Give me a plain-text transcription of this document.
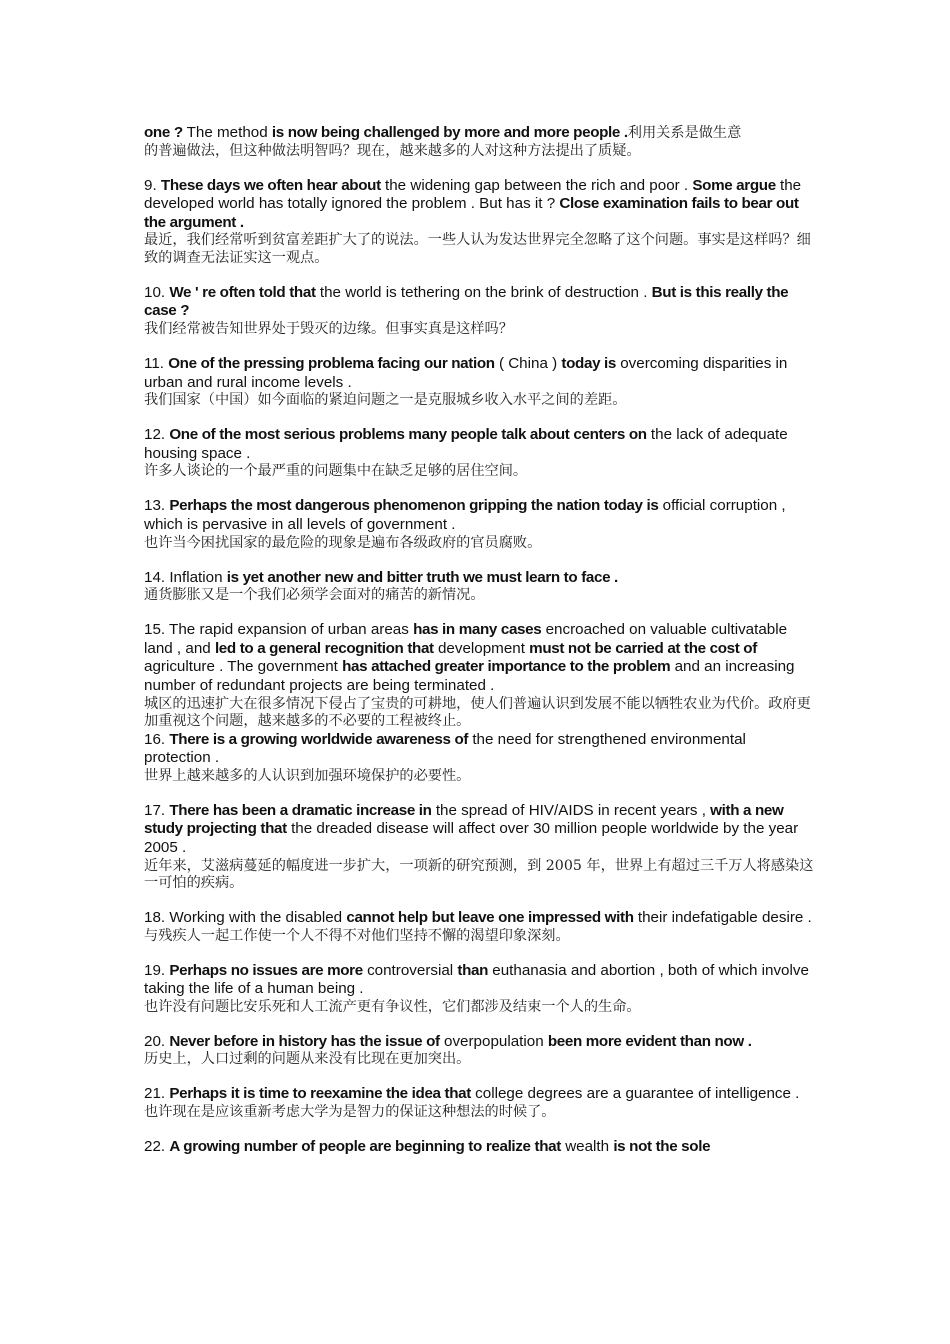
one ? The method is now being challenged by more and more people .利用关系是做生意
的普遍做法，但这种做法明智吗？现在，越来越多的人对这种方法提出了质疑。
9. These days we often hear about the widening gap between the rich and poor . Some argue the developed world has totally ignored the problem . But has it ? Close examination fails to bear out the argument .
最近，我们经常听到贫富差距扩大了的说法。一些人认为发达世界完全忽略了这个问题。事实是这样吗？细致的调查无法证实这一观点。
10. We ' re often told that the world is tethering on the brink of destruction . But is this really the case ?
我们经常被告知世界处于毁灭的边缘。但事实真是这样吗？
11. One of the pressing problema facing our nation ( China ) today is overcoming disparities in urban and rural income levels .
我们国家（中国）如今面临的紧迫问题之一是克服城乡收入水平之间的差距。
12. One of the most serious problems many people talk about centers on the lack of adequate housing space .
许多人谈论的一个最严重的问题集中在缺乏足够的居住空间。
13. Perhaps the most dangerous phenomenon gripping the nation today is official corruption , which is pervasive in all levels of government .
也许当今困扰国家的最危险的现象是遍布各级政府的官员腐败。
14. Inflation is yet another new and bitter truth we must learn to face .
通货膨胀又是一个我们必须学会面对的痛苦的新情况。
15. The rapid expansion of urban areas has in many cases encroached on valuable cultivatable land , and led to a general recognition that development must not be carried at the cost of agriculture . The government has attached greater importance to the problem and an increasing number of redundant projects are being terminated .
城区的迅速扩大在很多情况下侵占了宝贵的可耕地，使人们普遍认识到发展不能以牺牲农业为代价。政府更加重视这个问题，越来越多的不必要的工程被终止。
16. There is a growing worldwide awareness of the need for strengthened environmental protection .
世界上越来越多的人认识到加强环境保护的必要性。
17. There has been a dramatic increase in the spread of HIV/AIDS in recent years , with a new study projecting that the dreaded disease will affect over 30 million people worldwide by the year 2005 .
近年来，艾滋病蔓延的幅度进一步扩大，一项新的研究预测，到 2005 年，世界上有超过三千万人将感染这一可怕的疾病。
18. Working with the disabled cannot help but leave one impressed with their indefatigable desire .
与残疾人一起工作使一个人不得不对他们坚持不懈的渴望印象深刻。
19. Perhaps no issues are more controversial than euthanasia and abortion , both of which involve taking the life of a human being .
也许没有问题比安乐死和人工流产更有争议性，它们都涉及结束一个人的生命。
20. Never before in history has the issue of overpopulation been more evident than now .
历史上，人口过剩的问题从来没有比现在更加突出。
21. Perhaps it is time to reexamine the idea that college degrees are a guarantee of intelligence .
也许现在是应该重新考虑大学为是智力的保证这种想法的时候了。
22. A growing number of people are beginning to realize that wealth is not the sole
